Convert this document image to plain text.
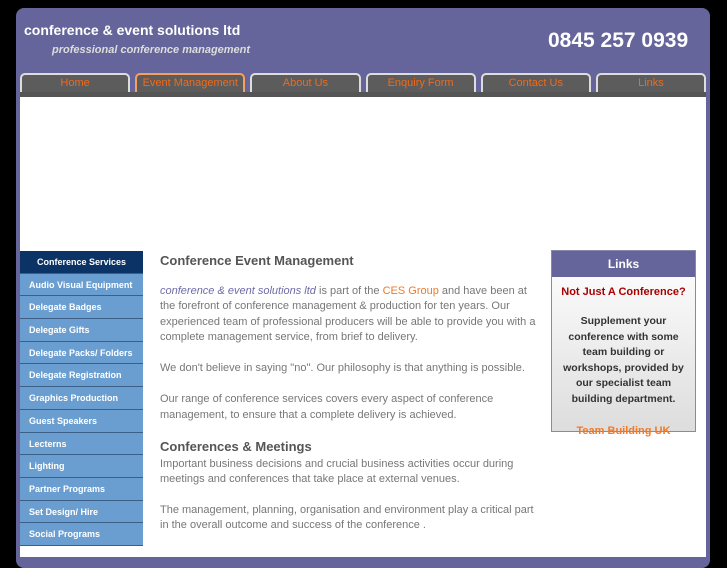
conference & event solutions ltd
professional conference management	0845 257 0939
Home	Event Management	About Us	Enquiry Form	Contact Us	Links
Conference Services
Audio Visual Equipment
Delegate Badges
Delegate Gifts
Delegate Packs/ Folders
Delegate Registration
Graphics Production
Guest Speakers
Lecterns
Lighting
Partner Programs
Set Design/ Hire
Social Programs
Conference Event Management

conference & event solutions ltd is part of the CES Group and have been at the forefront of conference management & production for ten years. Our experienced team of professional producers will be able to provide you with a complete management service, from brief to delivery.

We don't believe in saying "no". Our philosophy is that anything is possible.

Our range of conference services covers every aspect of conference management, to ensure that a complete delivery is achieved.

Conferences & Meetings

Important business decisions and crucial business activities occur during meetings and conferences that take place at external venues.

The management, planning, organisation and environment play a critical part in the overall outcome and success of the conference .

Links
Not Just A Conference?
Supplement your conference with some team building or workshops, provided by our specialist team building department.
Team Building UK
